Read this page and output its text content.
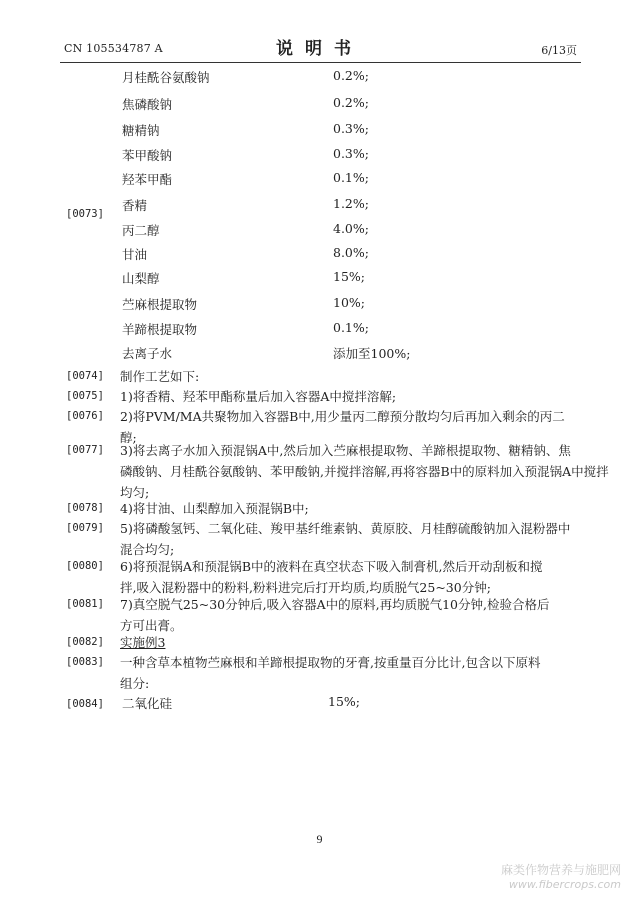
CN 105534787 A	说明书	6/13页
[0073]
月桂酰谷氨酸钠	0.2%;
焦磷酸钠	0.2%;
糖精钠	0.3%;
苯甲酸钠	0.3%;
羟苯甲酯	0.1%;
香精	1.2%;
丙二醇	4.0%;
甘油	8.0%;
山梨醇	15%;
苎麻根提取物	10%;
羊蹄根提取物	0.1%;
去离子水	添加至100%;
[0074] 制作工艺如下:

[0075] 1)将香精、羟苯甲酯称量后加入容器A中搅拌溶解;

[0076] 2)将PVM/MA共聚物加入容器B中,用少量丙二醇预分散均匀后再加入剩余的丙二

醇;

[0077] 3)将去离子水加入预混锅A中,然后加入苎麻根提取物、羊蹄根提取物、糖精钠、焦

磷酸钠、月桂酰谷氨酸钠、苯甲酸钠,并搅拌溶解,再将容器B中的原料加入预混锅A中搅拌

均匀;

[0078] 4)将甘油、山梨醇加入预混锅B中;

[0079] 5)将磷酸氢钙、二氧化硅、羧甲基纤维素钠、黄原胶、月桂醇硫酸钠加入混粉器中

混合均匀;

[0080] 6)将预混锅A和预混锅B中的液料在真空状态下吸入制膏机,然后开动刮板和搅

拌,吸入混粉器中的粉料,粉料进完后打开均质,均质脱气25~30分钟;

[0081] 7)真空脱气25~30分钟后,吸入容器A中的原料,再均质脱气10分钟,检验合格后

方可出膏。

[0082] 实施例3

[0083] 一种含草本植物苎麻根和羊蹄根提取物的牙膏,按重量百分比计,包含以下原料

组分:

[0084] 二氧化硅	15%;
9
麻类作物营养与施肥网
www.fibercrops.com
